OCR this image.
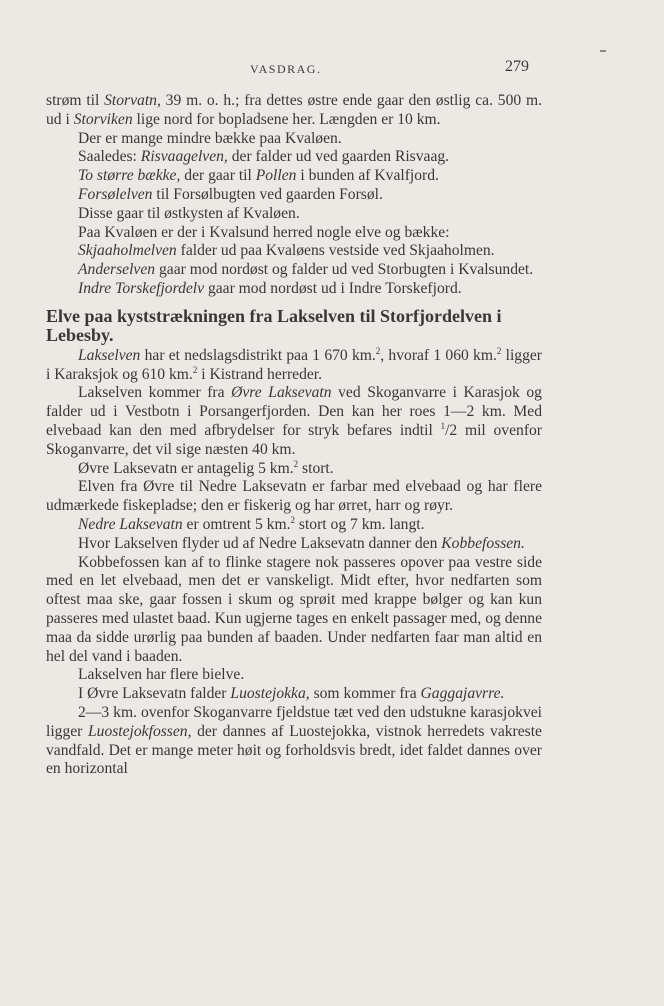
VASDRAG.	279

strøm til Storvatn, 39 m. o. h.; fra dettes østre ende gaar den østlig ca. 500 m. ud i Storviken lige nord for bopladsene her. Længden er 10 km.

Der er mange mindre bække paa Kvaløen.

Saaledes: Risvaagelven, der falder ud ved gaarden Risvaag.

To større bække, der gaar til Pollen i bunden af Kvalfjord.

Forsølelven til Forsølbugten ved gaarden Forsøl.

Disse gaar til østkysten af Kvaløen.

Paa Kvaløen er der i Kvalsund herred nogle elve og bække:

Skjaaholmelven falder ud paa Kvaløens vestside ved Skjaaholmen.

Anderselven gaar mod nordøst og falder ud ved Storbugten i Kvalsundet.

Indre Torskefjordelv gaar mod nordøst ud i Indre Torskefjord.

Elve paa kyststrækningen fra Lakselven til Storfjordelven i Lebesby.

Lakselven har et nedslagsdistrikt paa 1 670 km.$^2$, hvoraf 1 060 km.$^2$ ligger i Karaksjok og 610 km.$^2$ i Kistrand herreder.

Lakselven kommer fra Øvre Laksevatn ved Skoganvarre i Karasjok og falder ud i Vestbotn i Porsangerfjorden. Den kan her roes 1—2 km. Med elvebaad kan den med afbrydelser for stryk befares indtil $^1$/2 mil ovenfor Skoganvarre, det vil sige næsten 40 km.

Øvre Laksevatn er antagelig 5 km.$^2$ stort.

Elven fra Øvre til Nedre Laksevatn er farbar med elvebaad og har flere udmærkede fiskepladse; den er fiskerig og har ørret, harr og røyr.

Nedre Laksevatn er omtrent 5 km.$^2$ stort og 7 km. langt.

Hvor Lakselven flyder ud af Nedre Laksevatn danner den Kobbefossen.

Kobbefossen kan af to flinke stagere nok passeres opover paa vestre side med en let elvebaad, men det er vanskeligt. Midt efter, hvor nedfarten som oftest maa ske, gaar fossen i skum og sprøit med krappe bølger og kan kun passeres med ulastet baad. Kun ugjerne tages en enkelt passager med, og denne maa da sidde urørlig paa bunden af baaden. Under nedfarten faar man altid en hel del vand i baaden.

Lakselven har flere bielve.

I Øvre Laksevatn falder Luostejokka, som kommer fra Gaggajavrre.

2—3 km. ovenfor Skoganvarre fjeldstue tæt ved den udstukne karasjokvei ligger Luostejokfossen, der dannes af Luostejokka, vistnok herredets vakreste vandfald. Det er mange meter høit og forholdsvis bredt, idet faldet dannes over en horizontal
